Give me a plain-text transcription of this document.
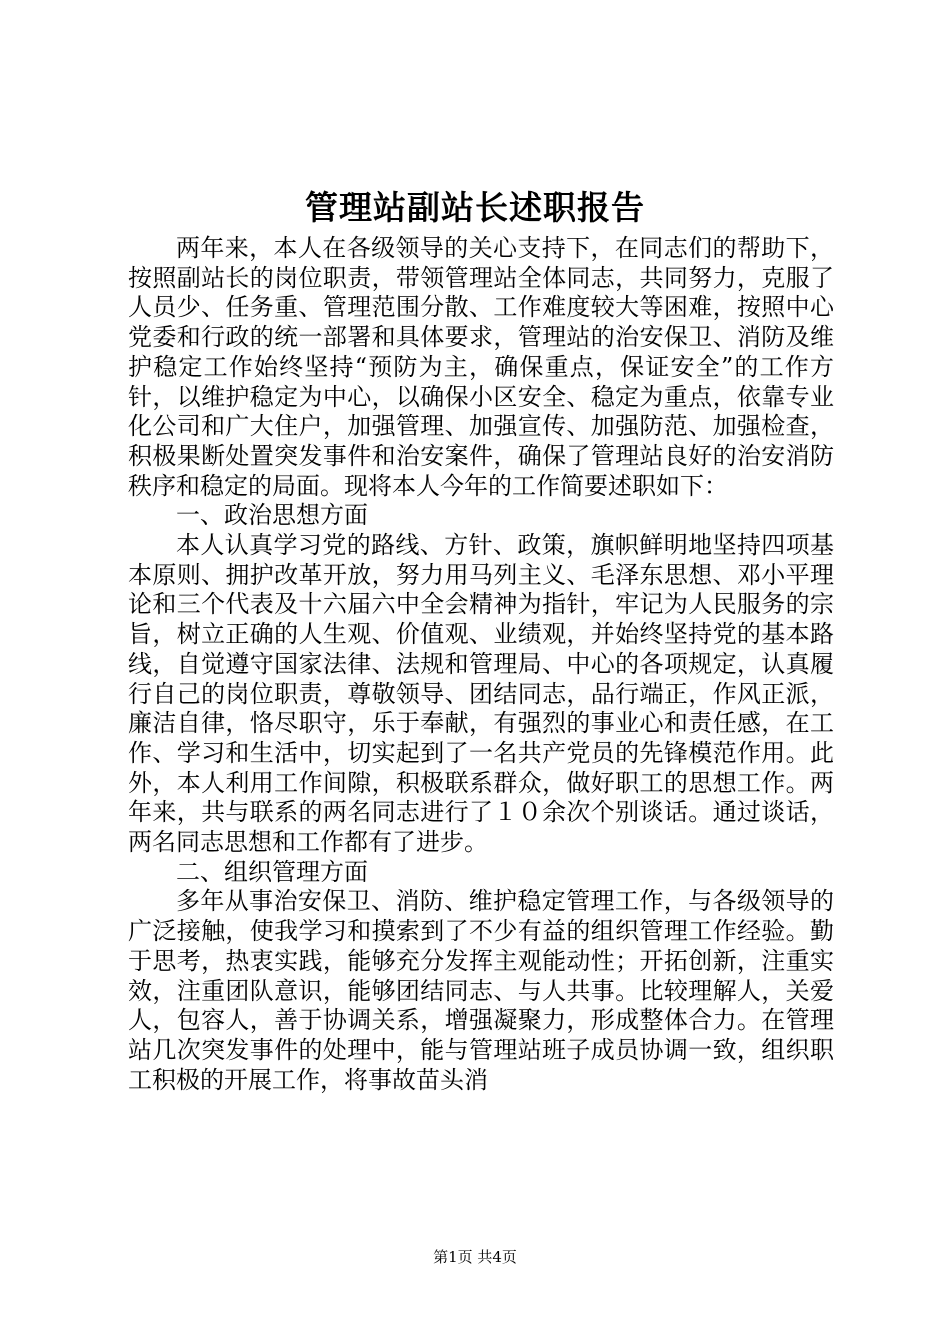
管理站副站长述职报告

两年来，本人在各级领导的关心支持下，在同志们的帮助下，按照副站长的岗位职责，带领管理站全体同志，共同努力，克服了人员少、任务重、管理范围分散、工作难度较大等困难，按照中心党委和行政的统一部署和具体要求，管理站的治安保卫、消防及维护稳定工作始终坚持“预防为主，确保重点，保证安全”的工作方针，以维护稳定为中心，以确保小区安全、稳定为重点，依靠专业化公司和广大住户，加强管理、加强宣传、加强防范、加强检查，积极果断处置突发事件和治安案件，确保了管理站良好的治安消防秩序和稳定的局面。现将本人今年的工作简要述职如下：

一、政治思想方面

本人认真学习党的路线、方针、政策，旗帜鲜明地坚持四项基本原则、拥护改革开放，努力用马列主义、毛泽东思想、邓小平理论和三个代表及十六届六中全会精神为指针，牢记为人民服务的宗旨，树立正确的人生观、价值观、业绩观，并始终坚持党的基本路线，自觉遵守国家法律、法规和管理局、中心的各项规定，认真履行自己的岗位职责，尊敬领导、团结同志，品行端正，作风正派，廉洁自律，恪尽职守，乐于奉献，有强烈的事业心和责任感，在工作、学习和生活中，切实起到了一名共产党员的先锋模范作用。此外，本人利用工作间隙，积极联系群众，做好职工的思想工作。两年来，共与联系的两名同志进行了１０余次个别谈话。通过谈话，两名同志思想和工作都有了进步。

二、组织管理方面

多年从事治安保卫、消防、维护稳定管理工作，与各级领导的广泛接触，使我学习和摸索到了不少有益的组织管理工作经验。勤于思考，热衷实践，能够充分发挥主观能动性；开拓创新，注重实效，注重团队意识，能够团结同志、与人共事。比较理解人，关爱人，包容人，善于协调关系，增强凝聚力，形成整体合力。在管理站几次突发事件的处理中，能与管理站班子成员协调一致，组织职工积极的开展工作，将事故苗头消

第1页 共4页
